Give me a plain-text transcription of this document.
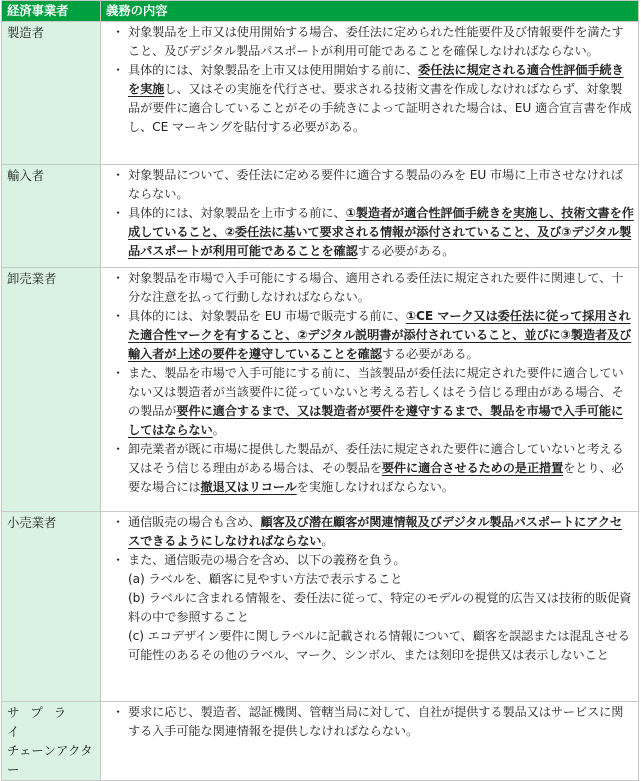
経済事業者	義務の内容
製造者	・ 対象製品を上市又は使用開始する場合、委任法に定められた性能要件及び情報要件を満たすこと、及びデジタル製品パスポートが利用可能であることを確保しなければならない。
・ 具体的には、対象製品を上市又は使用開始する前に、委任法に規定される適合性評価手続きを実施し、又はその実施を代行させ、要求される技術文書を作成しなければならず、対象製品が要件に適合していることがその手続きによって証明された場合は、EU 適合宣言書を作成し、CE マーキングを貼付する必要がある。

輸入者	・ 対象製品について、委任法に定める要件に適合する製品のみを EU 市場に上市させなければならない。
・ 具体的には、対象製品を上市する前に、①製造者が適合性評価手続きを実施し、技術文書を作成していること、②委任法に基いて要求される情報が添付されていること、及び③デジタル製品パスポートが利用可能であることを確認する必要がある。

卸売業者	・ 対象製品を市場で入手可能にする場合、適用される委任法に規定された要件に関連して、十分な注意を払って行動しなければならない。
・ 具体的には、対象製品を EU 市場で販売する前に、①CE マーク又は委任法に従って採用された適合性マークを有すること、②デジタル説明書が添付されていること、並びに③製造者及び輸入者が上述の要件を遵守していることを確認する必要がある。
・ また、製品を市場で入手可能にする前に、当該製品が委任法に規定された要件に適合していない又は製造者が当該要件に従っていないと考える若しくはそう信じる理由がある場合、その製品が要件に適合するまで、又は製造者が要件を遵守するまで、製品を市場で入手可能にしてはならない。
・ 卸売業者が既に市場に提供した製品が、委任法に規定された要件に適合していないと考える又はそう信じる理由がある場合は、その製品を要件に適合させるための是正措置をとり、必要な場合には撤退又はリコールを実施しなければならない。

小売業者	・ 通信販売の場合も含め、顧客及び潜在顧客が関連情報及びデジタル製品パスポートにアクセスできるようにしなければならない。
・ また、通信販売の場合を含め、以下の義務を負う。
(a) ラベルを、顧客に見やすい方法で表示すること
(b) ラベルに含まれる情報を、委任法に従って、特定のモデルの視覚的広告又は技術的販促資料の中で参照すること
(c) エコデザイン要件に関しラベルに記載される情報について、顧客を誤認または混乱させる可能性のあるその他のラベル、マーク、シンボル、または刻印を提供又は表示しないこと

サプライ
チェーンアクター	
・ 要求に応じ、製造者、認証機関、管轄当局に対して、自社が提供する製品又はサービスに関する入手可能な関連情報を提供しなければならない。
